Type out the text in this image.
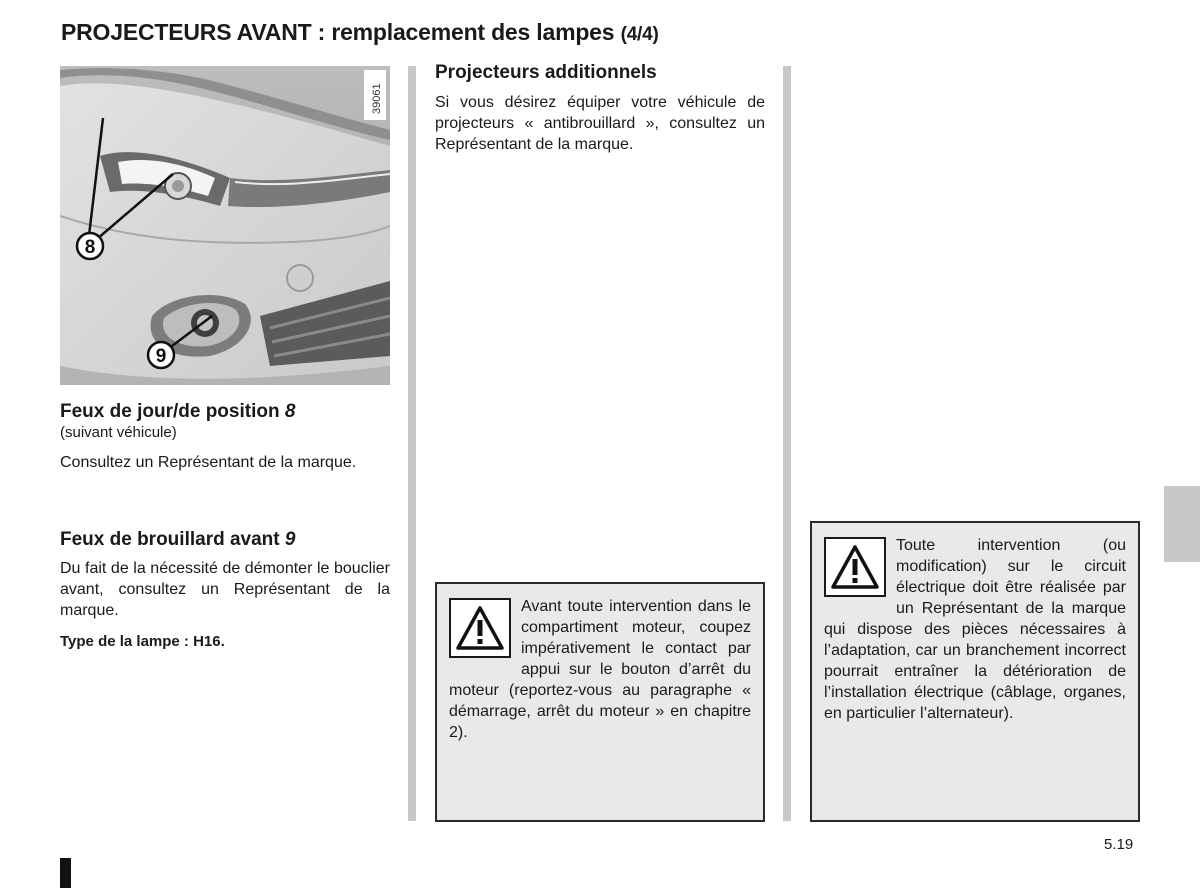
PROJECTEURS AVANT : remplacement des lampes (4/4)
8
9
39061
Feux de jour/de position 8
(suivant véhicule)

Consultez un Représentant de la marque.

Feux de brouillard avant 9

Du fait de la nécessité de démonter le bouclier avant, consultez un Représentant de la marque.

Type de la lampe : H16.
Projecteurs additionnels

Si vous désirez équiper votre véhicule de projecteurs « antibrouillard », consultez un Représentant de la marque.

Avant toute intervention dans le compartiment moteur, coupez impérativement le contact par appui sur le bouton d’arrêt du moteur (reportez-vous au paragraphe « démarrage, arrêt du moteur » en chapitre 2).

Toute intervention (ou modification) sur le circuit électrique doit être réalisée par un Représentant de la marque qui dispose des pièces nécessaires à l’adaptation, car un branchement incorrect pourrait entraîner la détérioration de l’installation électrique (câblage, organes, en particulier l’alternateur).

5.19
